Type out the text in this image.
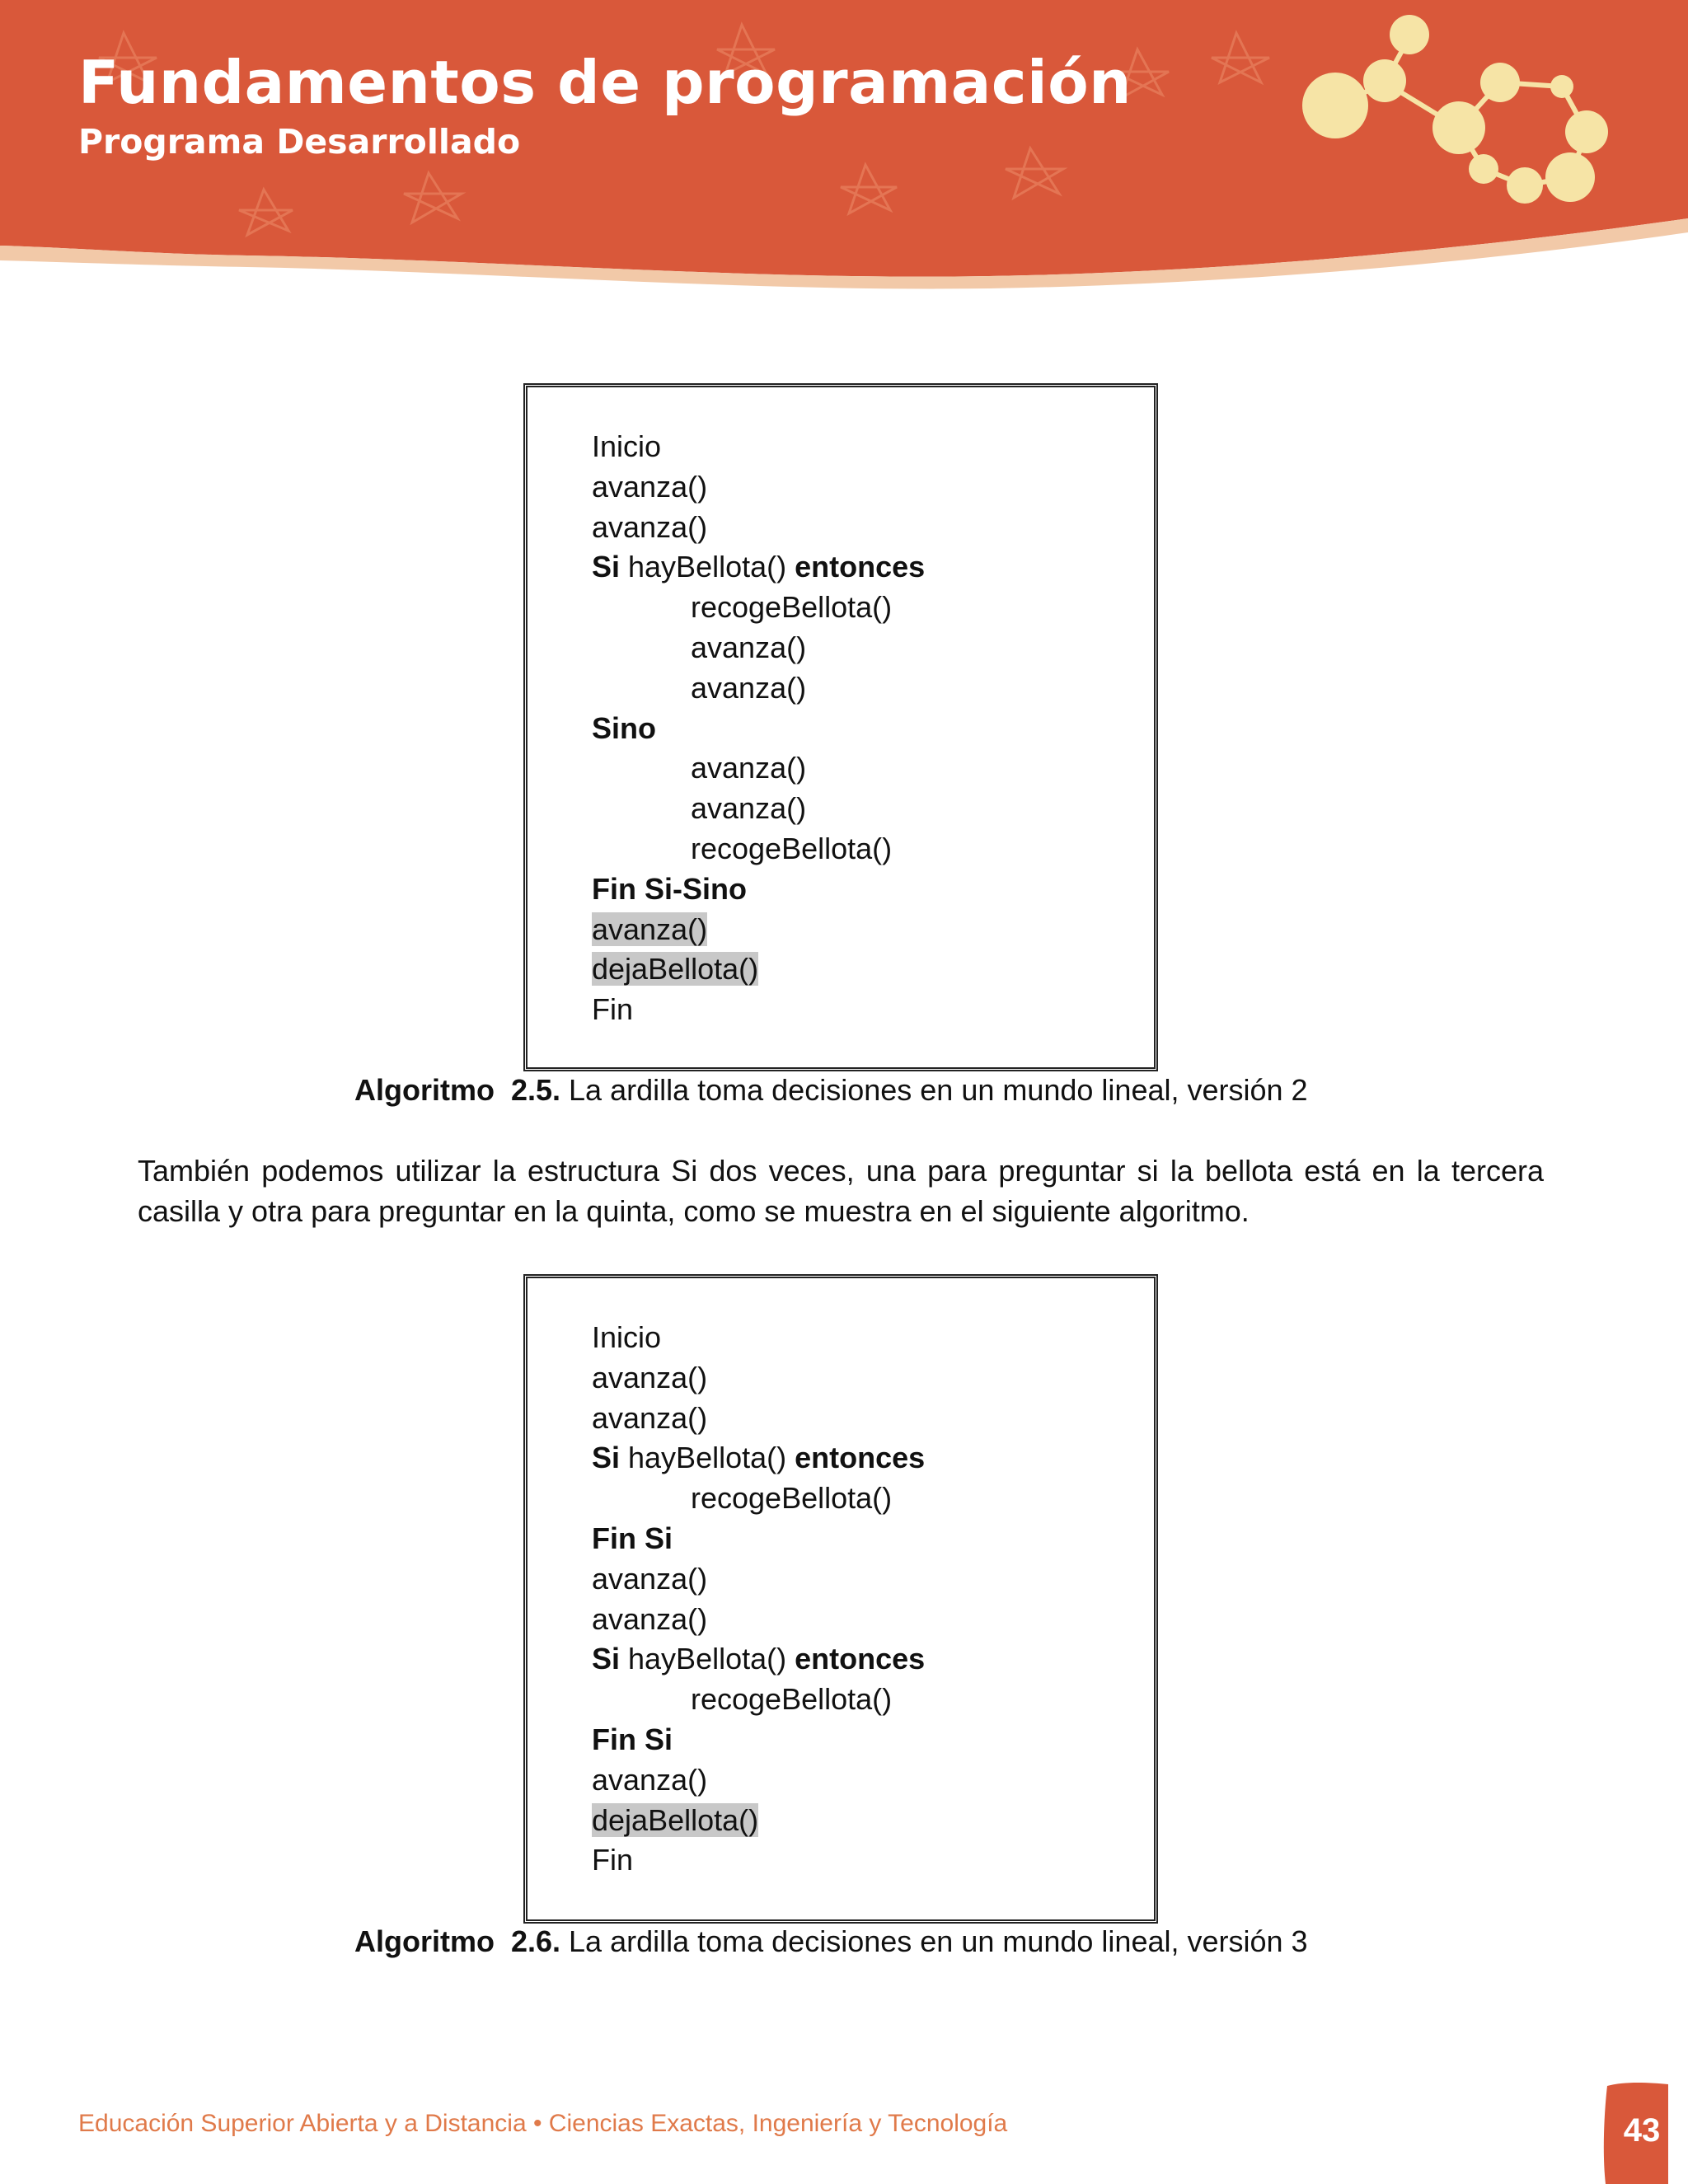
Fundamentos de programación
Programa Desarrollado
Inicio
avanza()
avanza()
Si hayBellota() entonces
recogeBellota()
avanza()
avanza()
Sino
avanza()
avanza()
recogeBellota()
Fin Si-Sino
avanza()
dejaBellota()
Fin
Algoritmo  2.5. La ardilla toma decisiones en un mundo lineal, versión 2
También podemos utilizar la estructura Si dos veces, una para preguntar si la bellota está en la tercera casilla y otra para preguntar en la quinta, como se muestra en el siguiente algoritmo.
Inicio
avanza()
avanza()
Si hayBellota() entonces
recogeBellota()
Fin Si
avanza()
avanza()
Si hayBellota() entonces
recogeBellota()
Fin Si
avanza()
dejaBellota()
Fin
Algoritmo  2.6. La ardilla toma decisiones en un mundo lineal, versión 3
Educación Superior Abierta y a Distancia • Ciencias Exactas, Ingeniería y Tecnología	43
